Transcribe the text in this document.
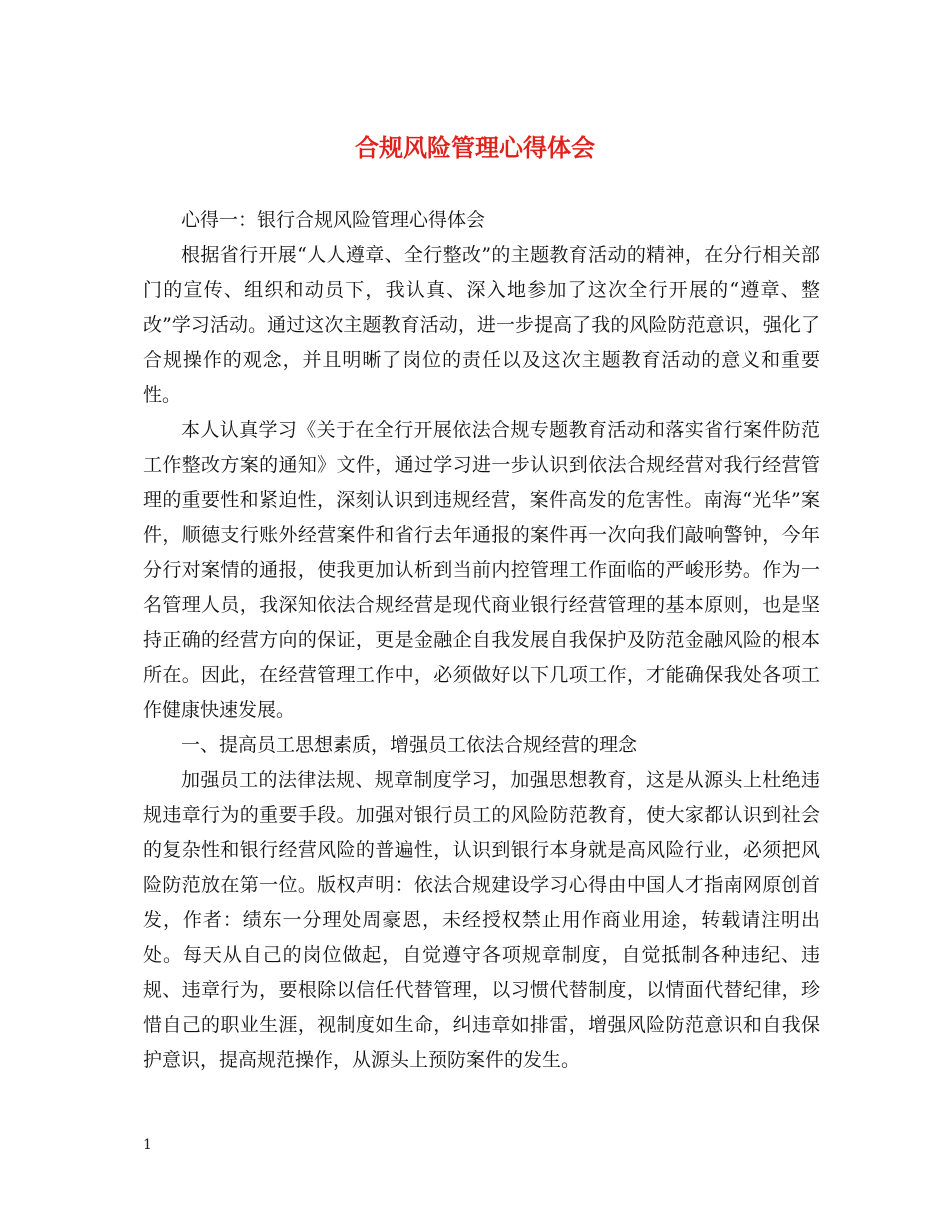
合规风险管理心得体会

心得一：银行合规风险管理心得体会

根据省行开展“人人遵章、全行整改”的主题教育活动的精神，在分行相关部门的宣传、组织和动员下，我认真、深入地参加了这次全行开展的“遵章、整改”学习活动。通过这次主题教育活动，进一步提高了我的风险防范意识，强化了合规操作的观念，并且明晰了岗位的责任以及这次主题教育活动的意义和重要性。

本人认真学习《关于在全行开展依法合规专题教育活动和落实省行案件防范工作整改方案的通知》文件，通过学习进一步认识到依法合规经营对我行经营管理的重要性和紧迫性，深刻认识到违规经营，案件高发的危害性。南海“光华”案件，顺德支行账外经营案件和省行去年通报的案件再一次向我们敲响警钟，今年分行对案情的通报，使我更加认析到当前内控管理工作面临的严峻形势。作为一名管理人员，我深知依法合规经营是现代商业银行经营管理的基本原则，也是坚持正确的经营方向的保证，更是金融企自我发展自我保护及防范金融风险的根本所在。因此，在经营管理工作中，必须做好以下几项工作，才能确保我处各项工作健康快速发展。

一、提高员工思想素质，增强员工依法合规经营的理念

加强员工的法律法规、规章制度学习，加强思想教育，这是从源头上杜绝违规违章行为的重要手段。加强对银行员工的风险防范教育，使大家都认识到社会的复杂性和银行经营风险的普遍性，认识到银行本身就是高风险行业，必须把风险防范放在第一位。版权声明：依法合规建设学习心得由中国人才指南网原创首发，作者：绩东一分理处周豪恩，未经授权禁止用作商业用途，转载请注明出处。每天从自己的岗位做起，自觉遵守各项规章制度，自觉抵制各种违纪、违规、违章行为，要根除以信任代替管理，以习惯代替制度，以情面代替纪律，珍惜自己的职业生涯，视制度如生命，纠违章如排雷，增强风险防范意识和自我保护意识，提高规范操作，从源头上预防案件的发生。

1
